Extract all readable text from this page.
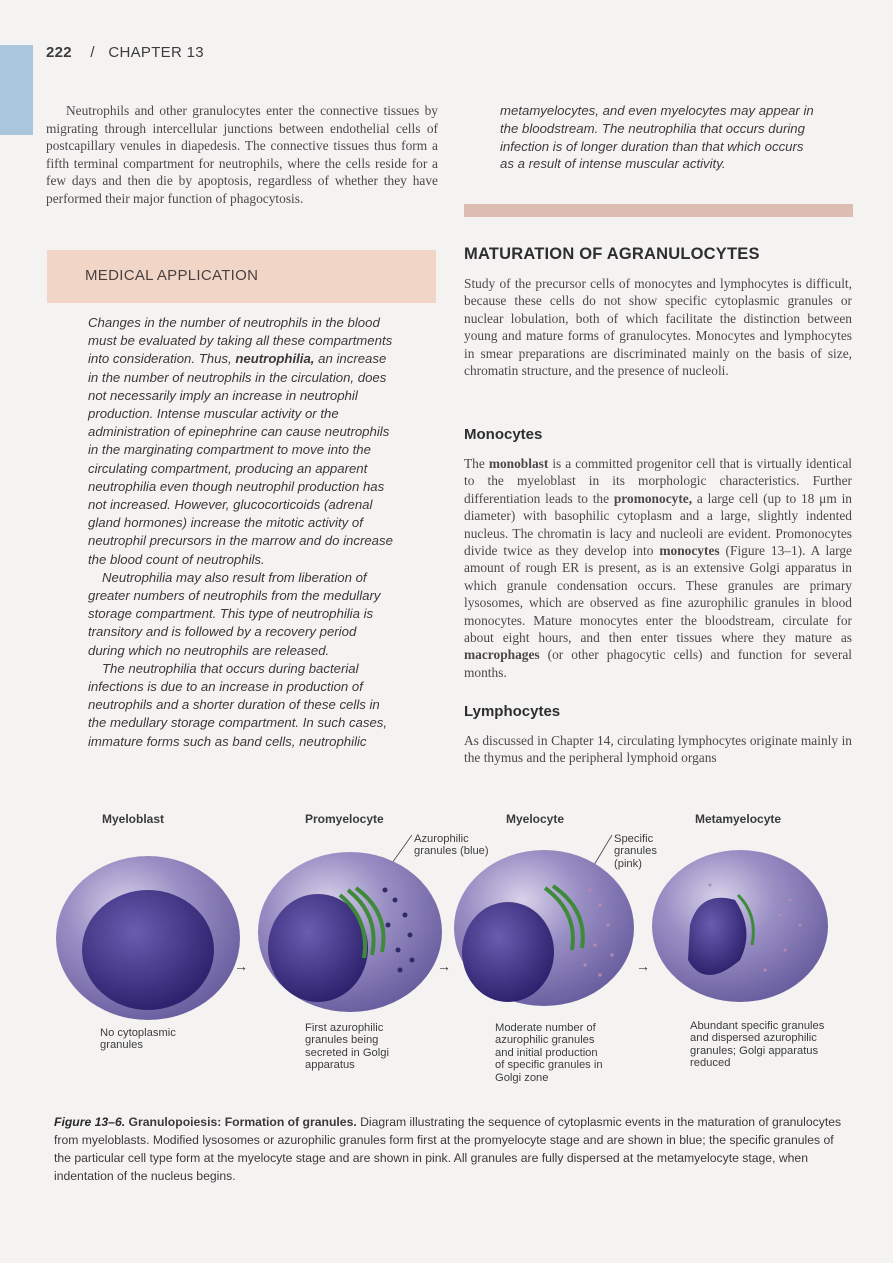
222 / CHAPTER 13
Neutrophils and other granulocytes enter the connective tissues by migrating through intercellular junctions between endothelial cells of postcapillary venules in diapedesis. The connective tissues thus form a fifth terminal compartment for neutrophils, where the cells reside for a few days and then die by apoptosis, regardless of whether they have performed their major function of phagocytosis.
metamyelocytes, and even myelocytes may appear in the bloodstream. The neutrophilia that occurs during infection is of longer duration than that which occurs as a result of intense muscular activity.
MEDICAL APPLICATION

Changes in the number of neutrophils in the blood must be evaluated by taking all these compartments into consideration. Thus, neutrophilia, an increase in the number of neutrophils in the circulation, does not necessarily imply an increase in neutrophil production. Intense muscular activity or the administration of epinephrine can cause neutrophils in the marginating compartment to move into the circulating compartment, producing an apparent neutrophilia even though neutrophil production has not increased. However, glucocorticoids (adrenal gland hormones) increase the mitotic activity of neutrophil precursors in the marrow and do increase the blood count of neutrophils.

Neutrophilia may also result from liberation of greater numbers of neutrophils from the medullary storage compartment. This type of neutrophilia is transitory and is followed by a recovery period during which no neutrophils are released.

The neutrophilia that occurs during bacterial infections is due to an increase in production of neutrophils and a shorter duration of these cells in the medullary storage compartment. In such cases, immature forms such as band cells, neutrophilic

MATURATION OF AGRANULOCYTES
Study of the precursor cells of monocytes and lymphocytes is difficult, because these cells do not show specific cytoplasmic granules or nuclear lobulation, both of which facilitate the distinction between young and mature forms of granulocytes. Monocytes and lymphocytes in smear preparations are discriminated mainly on the basis of size, chromatin structure, and the presence of nucleoli.
Monocytes
The monoblast is a committed progenitor cell that is virtually identical to the myeloblast in its morphologic characteristics. Further differentiation leads to the promonocyte, a large cell (up to 18 μm in diameter) with basophilic cytoplasm and a large, slightly indented nucleus. The chromatin is lacy and nucleoli are evident. Promonocytes divide twice as they develop into monocytes (Figure 13–1). A large amount of rough ER is present, as is an extensive Golgi apparatus in which granule condensation occurs. These granules are primary lysosomes, which are observed as fine azurophilic granules in blood monocytes. Mature monocytes enter the bloodstream, circulate for about eight hours, and then enter tissues where they mature as macrophages (or other phagocytic cells) and function for several months.
Lymphocytes
As discussed in Chapter 14, circulating lymphocytes originate mainly in the thymus and the peripheral lymphoid organs
Myeloblast	Promyelocyte	Myelocyte	Metamyelocyte
Azurophilic granules (blue)
Specific granules (pink)
→	→	→
No cytoplasmic granules
First azurophilic granules being secreted in Golgi apparatus
Moderate number of azurophilic granules and initial production of specific granules in Golgi zone
Abundant specific granules and dispersed azurophilic granules; Golgi apparatus reduced
Figure 13–6. Granulopoiesis: Formation of granules. Diagram illustrating the sequence of cytoplasmic events in the maturation of granulocytes from myeloblasts. Modified lysosomes or azurophilic granules form first at the promyelocyte stage and are shown in blue; the specific granules of the particular cell type form at the myelocyte stage and are shown in pink. All granules are fully dispersed at the metamyelocyte stage, when indentation of the nucleus begins.
